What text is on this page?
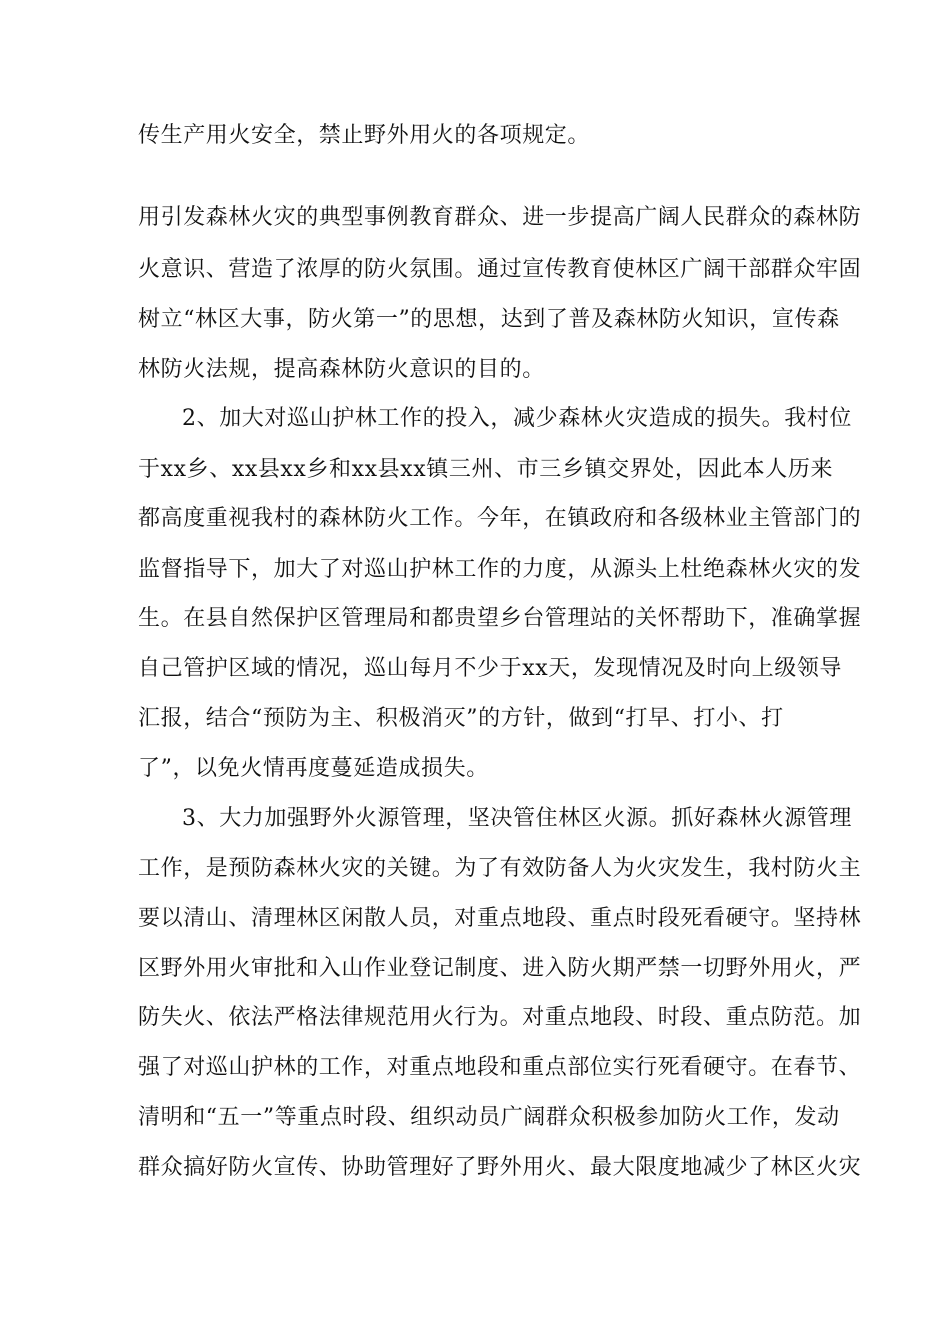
传生产用火安全，禁止野外用火的各项规定。
用引发森林火灾的典型事例教育群众、进一步提高广阔人民群众的森林防
火意识、营造了浓厚的防火氛围。通过宣传教育使林区广阔干部群众牢固
树立“林区大事，防火第一”的思想，达到了普及森林防火知识，宣传森
林防火法规，提高森林防火意识的目的。
2、加大对巡山护林工作的投入，减少森林火灾造成的损失。我村位
于xx乡、xx县xx乡和xx县xx镇三州、市三乡镇交界处，因此本人历来
都高度重视我村的森林防火工作。今年，在镇政府和各级林业主管部门的
监督指导下，加大了对巡山护林工作的力度，从源头上杜绝森林火灾的发
生。在县自然保护区管理局和都贵望乡台管理站的关怀帮助下，准确掌握
自己管护区域的情况，巡山每月不少于xx天，发现情况及时向上级领导
汇报，结合“预防为主、积极消灭”的方针，做到“打早、打小、打
了”，以免火情再度蔓延造成损失。
3、大力加强野外火源管理，坚决管住林区火源。抓好森林火源管理
工作，是预防森林火灾的关键。为了有效防备人为火灾发生，我村防火主
要以清山、清理林区闲散人员，对重点地段、重点时段死看硬守。坚持林
区野外用火审批和入山作业登记制度、进入防火期严禁一切野外用火，严
防失火、依法严格法律规范用火行为。对重点地段、时段、重点防范。加
强了对巡山护林的工作，对重点地段和重点部位实行死看硬守。在春节、
清明和“五一”等重点时段、组织动员广阔群众积极参加防火工作，发动
群众搞好防火宣传、协助管理好了野外用火、最大限度地减少了林区火灾
